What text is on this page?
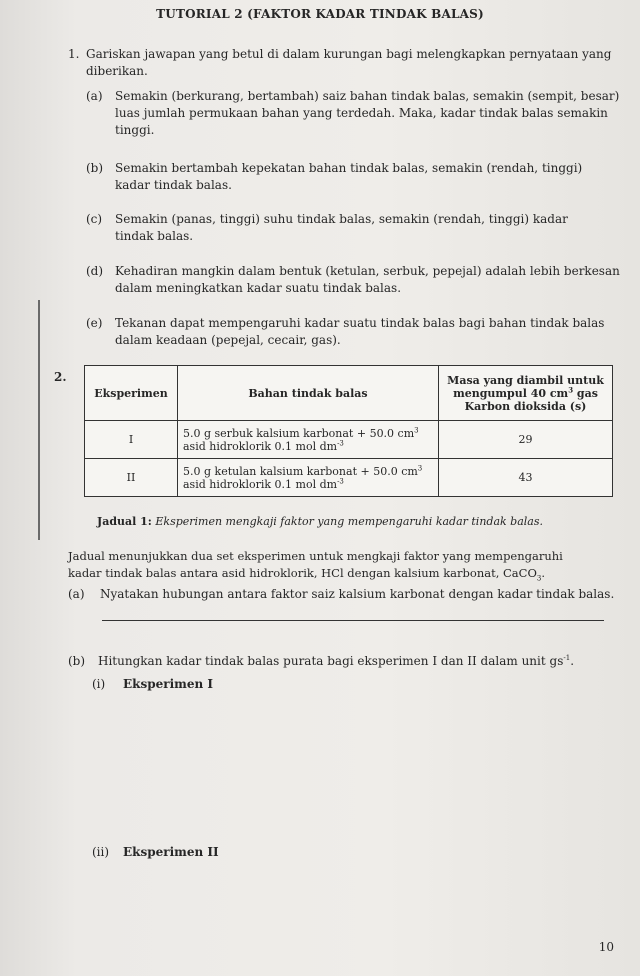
TUTORIAL 2 (FAKTOR KADAR TINDAK BALAS)
1. Gariskan jawapan yang betul di dalam kurungan bagi melengkapkan pernyataan yang
diberikan.
(a) Semakin (berkurang, bertambah) saiz bahan tindak balas, semakin (sempit, besar)
luas jumlah permukaan bahan yang terdedah. Maka, kadar tindak balas semakin
tinggi.
(b) Semakin bertambah kepekatan bahan tindak balas, semakin (rendah, tinggi)
kadar tindak balas.
(c) Semakin (panas, tinggi) suhu tindak balas, semakin (rendah, tinggi) kadar
tindak balas.
(d) Kehadiran mangkin dalam bentuk (ketulan, serbuk, pepejal) adalah lebih berkesan
dalam meningkatkan kadar suatu tindak balas.
(e) Tekanan dapat mempengaruhi kadar suatu tindak balas bagi bahan tindak balas
dalam keadaan (pepejal, cecair, gas).
2.
Eksperimen	Bahan tindak balas	Masa yang diambil untuk
mengumpul 40 $cm^3$ gas
Karbon dioksida (s)

I	5.0 g serbuk kalsium karbonat + 50.0 $cm^3$
asid hidroklorik 0.1 mol $dm^{-3}$	29
II	5.0 g ketulan kalsium karbonat + 50.0 $cm^3$
asid hidroklorik 0.1 mol $dm^{-3}$	43
Jadual 1: Eksperimen mengkaji faktor yang mempengaruhi kadar tindak balas.
Jadual menunjukkan dua set eksperimen untuk mengkaji faktor yang mempengaruhi
kadar tindak balas antara asid hidroklorik, HCl dengan kalsium karbonat, CaCO$_3$.
(a) Nyatakan hubungan antara faktor saiz kalsium karbonat dengan kadar tindak balas.
(b) Hitungkan kadar tindak balas purata bagi eksperimen I dan II dalam unit $gs^{-1}$.
(i) Eksperimen I
(ii) Eksperimen II
10
